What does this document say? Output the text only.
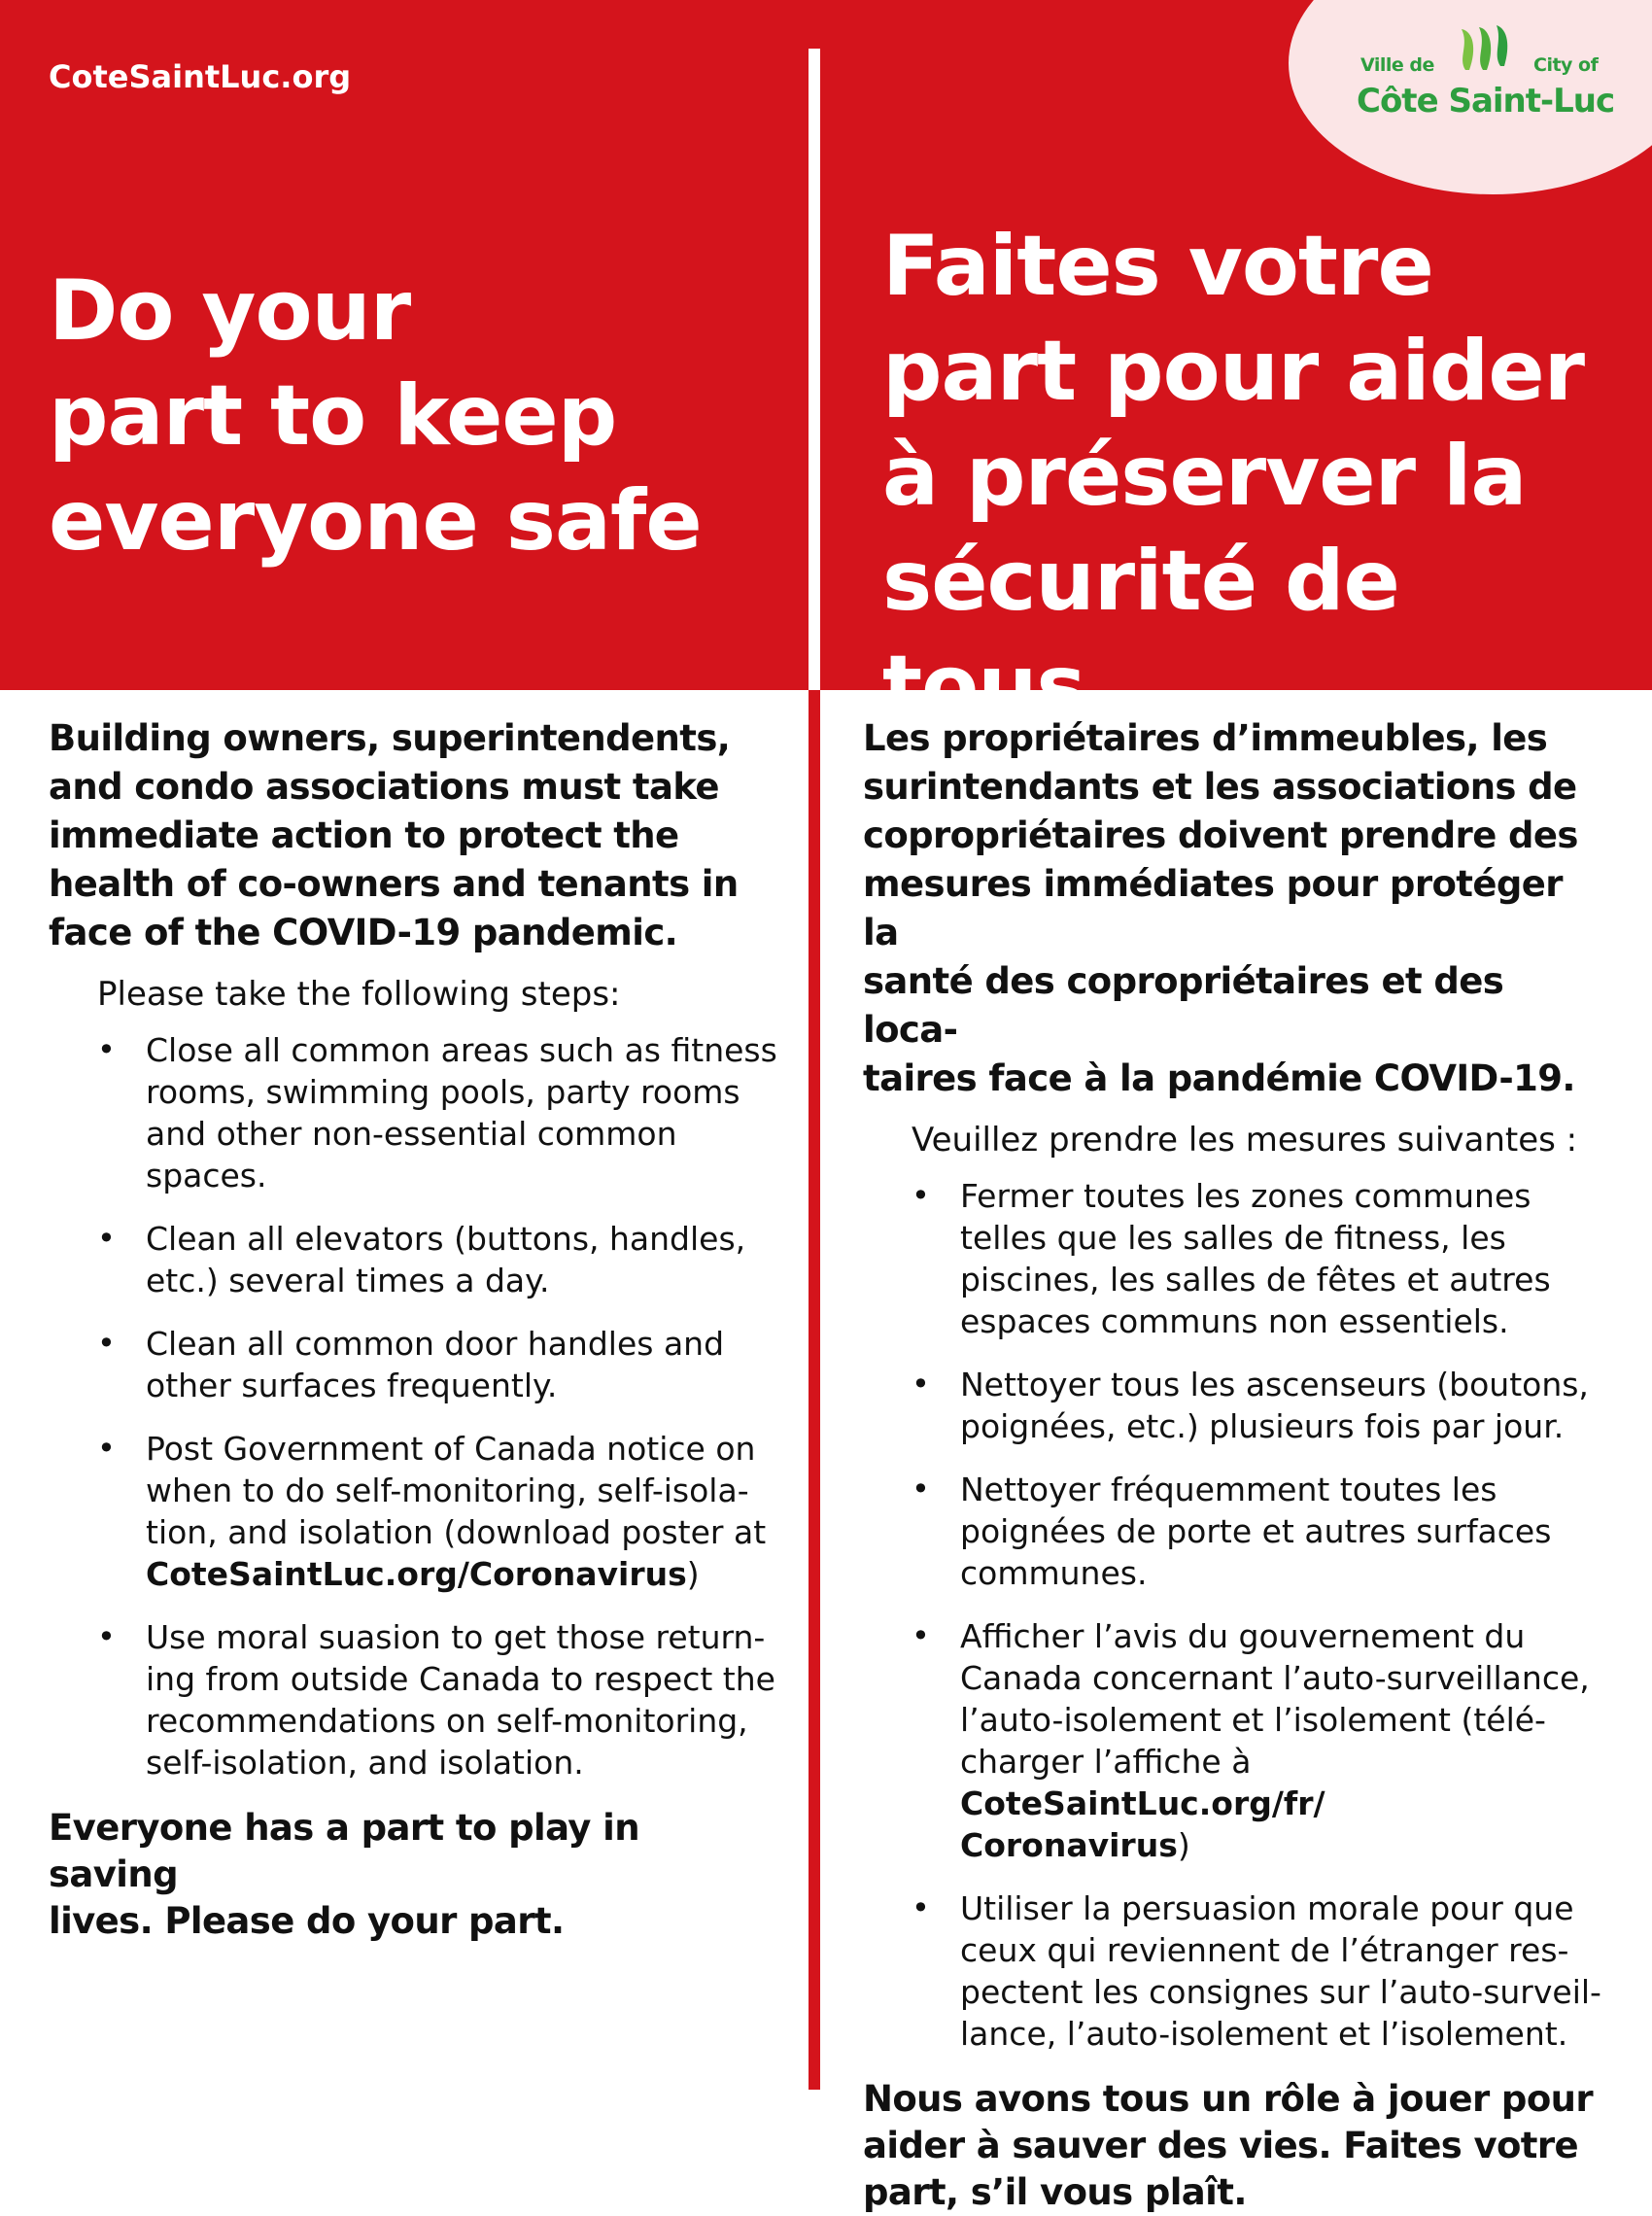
CoteSaintLuc.org	Ville de	City of
Côte Saint-Luc
Do your
part to keep
everyone safe
Faites votre
part pour aider
à préserver la
sécurité de tous

Building owners, superintendents,
and condo associations must take
immediate action to protect the
health of co-owners and tenants in
face of the COVID-19 pandemic.

Please take the following steps:

• Close all common areas such as fitness
rooms, swimming pools, party rooms
and other non-essential common spaces.
• Clean all elevators (buttons, handles,
etc.) several times a day.
• Clean all common door handles and
other surfaces frequently.
• Post Government of Canada notice on
when to do self-monitoring, self-isola-
tion, and isolation (download poster at
CoteSaintLuc.org/Coronavirus)
• Use moral suasion to get those return-
ing from outside Canada to respect the
recommendations on self-monitoring,
self-isolation, and isolation.

Everyone has a part to play in saving
lives. Please do your part.

Les propriétaires d’immeubles, les
surintendants et les associations de
copropriétaires doivent prendre des
mesures immédiates pour protéger la
santé des copropriétaires et des loca-
taires face à la pandémie COVID-19.

Veuillez prendre les mesures suivantes :

• Fermer toutes les zones communes
telles que les salles de fitness, les
piscines, les salles de fêtes et autres
espaces communs non essentiels.
• Nettoyer tous les ascenseurs (boutons,
poignées, etc.) plusieurs fois par jour.
• Nettoyer fréquemment toutes les
poignées de porte et autres surfaces
communes.
• Afficher l’avis du gouvernement du
Canada concernant l’auto-surveillance,
l’auto-isolement et l’isolement (télé-
charger l’affiche à CoteSaintLuc.org/fr/
Coronavirus)
• Utiliser la persuasion morale pour que
ceux qui reviennent de l’étranger res-
pectent les consignes sur l’auto-surveil-
lance, l’auto-isolement et l’isolement.

Nous avons tous un rôle à jouer pour
aider à sauver des vies. Faites votre
part, s’il vous plaît.
